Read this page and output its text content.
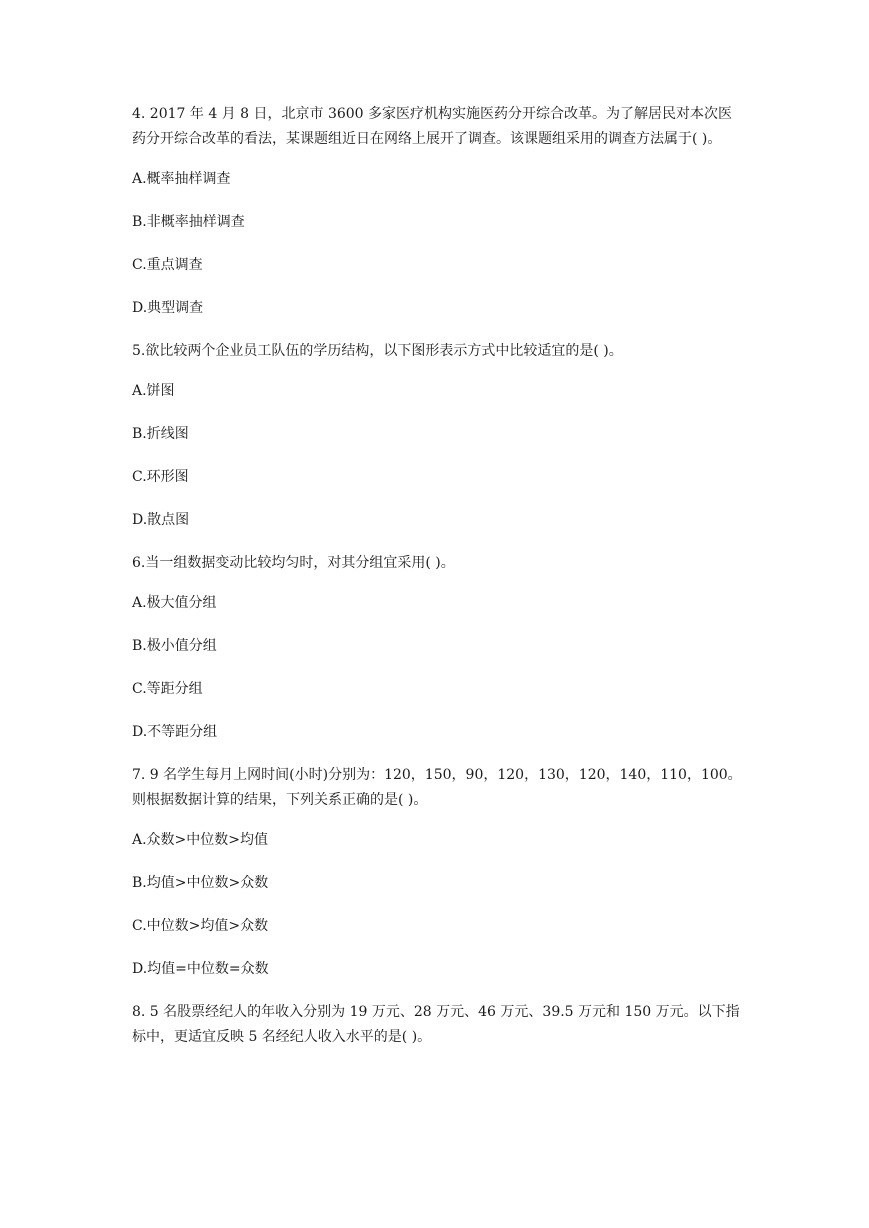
4. 2017 年 4 月 8 日，北京市 3600 多家医疗机构实施医药分开综合改革。为了解居民对本次医药分开综合改革的看法，某课题组近日在网络上展开了调查。该课题组采用的调查方法属于( )。

A.概率抽样调查

B.非概率抽样调查

C.重点调查

D.典型调查

5.欲比较两个企业员工队伍的学历结构，以下图形表示方式中比较适宜的是( )。

A.饼图

B.折线图

C.环形图

D.散点图

6.当一组数据变动比较均匀时，对其分组宜采用( )。

A.极大值分组

B.极小值分组

C.等距分组

D.不等距分组

7. 9 名学生每月上网时间(小时)分别为：120，150，90，120，130，120，140，110，100。则根据数据计算的结果，下列关系正确的是( )。

A.众数>中位数>均值

B.均值>中位数>众数

C.中位数>均值>众数

D.均值=中位数=众数

8. 5 名股票经纪人的年收入分别为 19 万元、28 万元、46 万元、39.5 万元和 150 万元。以下指标中，更适宜反映 5 名经纪人收入水平的是( )。
